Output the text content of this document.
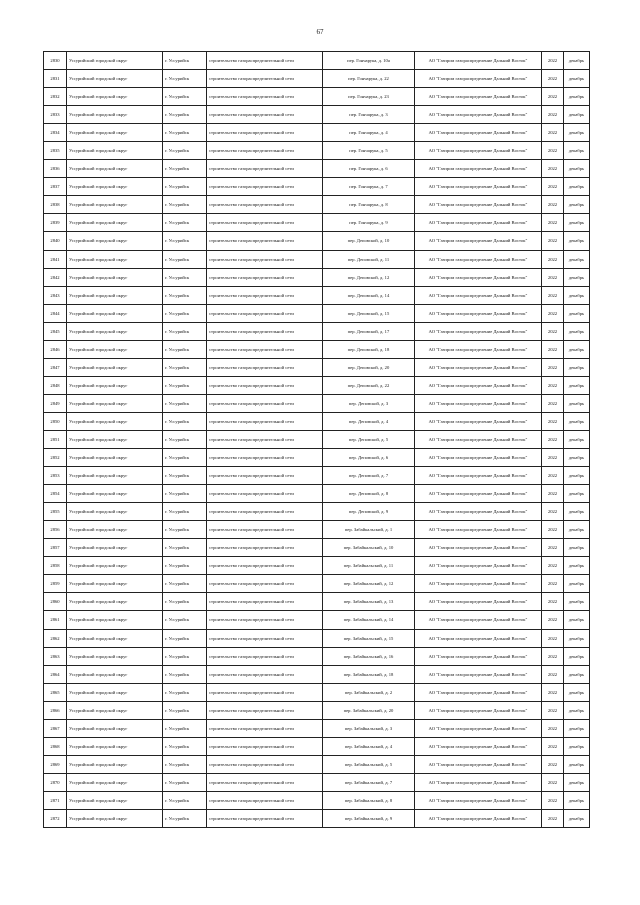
67
2830	Уссурийский городской округ	г. Уссурийск	строительство газораспределительной сети	пер. Гончарука, д. 10а	АО "Газпром газораспределение Дальний Восток"	2022	декабрь
2831	Уссурийский городской округ	г. Уссурийск	строительство газораспределительной сети	пер. Гончарука, д. 22	АО "Газпром газораспределение Дальний Восток"	2022	декабрь
2832	Уссурийский городской округ	г. Уссурийск	строительство газораспределительной сети	пер. Гончарука, д. 23	АО "Газпром газораспределение Дальний Восток"	2022	декабрь
2833	Уссурийский городской округ	г. Уссурийск	строительство газораспределительной сети	пер. Гончарука, д. 3	АО "Газпром газораспределение Дальний Восток"	2022	декабрь
2834	Уссурийский городской округ	г. Уссурийск	строительство газораспределительной сети	пер. Гончарука, д. 4	АО "Газпром газораспределение Дальний Восток"	2022	декабрь
2835	Уссурийский городской округ	г. Уссурийск	строительство газораспределительной сети	пер. Гончарука, д. 5	АО "Газпром газораспределение Дальний Восток"	2022	декабрь
2836	Уссурийский городской округ	г. Уссурийск	строительство газораспределительной сети	пер. Гончарука, д. 6	АО "Газпром газораспределение Дальний Восток"	2022	декабрь
2837	Уссурийский городской округ	г. Уссурийск	строительство газораспределительной сети	пер. Гончарука, д. 7	АО "Газпром газораспределение Дальний Восток"	2022	декабрь
2838	Уссурийский городской округ	г. Уссурийск	строительство газораспределительной сети	пер. Гончарука, д. 8	АО "Газпром газораспределение Дальний Восток"	2022	декабрь
2839	Уссурийский городской округ	г. Уссурийск	строительство газораспределительной сети	пер. Гончарука, д. 9	АО "Газпром газораспределение Дальний Восток"	2022	декабрь
2840	Уссурийский городской округ	г. Уссурийск	строительство газораспределительной сети	пер. Деповской, д. 10	АО "Газпром газораспределение Дальний Восток"	2022	декабрь
2841	Уссурийский городской округ	г. Уссурийск	строительство газораспределительной сети	пер. Деповской, д. 11	АО "Газпром газораспределение Дальний Восток"	2022	декабрь
2842	Уссурийский городской округ	г. Уссурийск	строительство газораспределительной сети	пер. Деповской, д. 12	АО "Газпром газораспределение Дальний Восток"	2022	декабрь
2843	Уссурийский городской округ	г. Уссурийск	строительство газораспределительной сети	пер. Деповской, д. 14	АО "Газпром газораспределение Дальний Восток"	2022	декабрь
2844	Уссурийский городской округ	г. Уссурийск	строительство газораспределительной сети	пер. Деповской, д. 15	АО "Газпром газораспределение Дальний Восток"	2022	декабрь
2845	Уссурийский городской округ	г. Уссурийск	строительство газораспределительной сети	пер. Деповской, д. 17	АО "Газпром газораспределение Дальний Восток"	2022	декабрь
2846	Уссурийский городской округ	г. Уссурийск	строительство газораспределительной сети	пер. Деповской, д. 18	АО "Газпром газораспределение Дальний Восток"	2022	декабрь
2847	Уссурийский городской округ	г. Уссурийск	строительство газораспределительной сети	пер. Деповской, д. 20	АО "Газпром газораспределение Дальний Восток"	2022	декабрь
2848	Уссурийский городской округ	г. Уссурийск	строительство газораспределительной сети	пер. Деповской, д. 22	АО "Газпром газораспределение Дальний Восток"	2022	декабрь
2849	Уссурийский городской округ	г. Уссурийск	строительство газораспределительной сети	пер. Деповской, д. 3	АО "Газпром газораспределение Дальний Восток"	2022	декабрь
2850	Уссурийский городской округ	г. Уссурийск	строительство газораспределительной сети	пер. Деповской, д. 4	АО "Газпром газораспределение Дальний Восток"	2022	декабрь
2851	Уссурийский городской округ	г. Уссурийск	строительство газораспределительной сети	пер. Деповской, д. 5	АО "Газпром газораспределение Дальний Восток"	2022	декабрь
2852	Уссурийский городской округ	г. Уссурийск	строительство газораспределительной сети	пер. Деповской, д. 6	АО "Газпром газораспределение Дальний Восток"	2022	декабрь
2853	Уссурийский городской округ	г. Уссурийск	строительство газораспределительной сети	пер. Деповской, д. 7	АО "Газпром газораспределение Дальний Восток"	2022	декабрь
2854	Уссурийский городской округ	г. Уссурийск	строительство газораспределительной сети	пер. Деповской, д. 8	АО "Газпром газораспределение Дальний Восток"	2022	декабрь
2855	Уссурийский городской округ	г. Уссурийск	строительство газораспределительной сети	пер. Деповской, д. 9	АО "Газпром газораспределение Дальний Восток"	2022	декабрь
2856	Уссурийский городской округ	г. Уссурийск	строительство газораспределительной сети	пер. Забайкальский, д. 1	АО "Газпром газораспределение Дальний Восток"	2022	декабрь
2857	Уссурийский городской округ	г. Уссурийск	строительство газораспределительной сети	пер. Забайкальский, д. 10	АО "Газпром газораспределение Дальний Восток"	2022	декабрь
2858	Уссурийский городской округ	г. Уссурийск	строительство газораспределительной сети	пер. Забайкальский, д. 11	АО "Газпром газораспределение Дальний Восток"	2022	декабрь
2859	Уссурийский городской округ	г. Уссурийск	строительство газораспределительной сети	пер. Забайкальский, д. 12	АО "Газпром газораспределение Дальний Восток"	2022	декабрь
2860	Уссурийский городской округ	г. Уссурийск	строительство газораспределительной сети	пер. Забайкальский, д. 13	АО "Газпром газораспределение Дальний Восток"	2022	декабрь
2861	Уссурийский городской округ	г. Уссурийск	строительство газораспределительной сети	пер. Забайкальский, д. 14	АО "Газпром газораспределение Дальний Восток"	2022	декабрь
2862	Уссурийский городской округ	г. Уссурийск	строительство газораспределительной сети	пер. Забайкальский, д. 15	АО "Газпром газораспределение Дальний Восток"	2022	декабрь
2863	Уссурийский городской округ	г. Уссурийск	строительство газораспределительной сети	пер. Забайкальский, д. 16	АО "Газпром газораспределение Дальний Восток"	2022	декабрь
2864	Уссурийский городской округ	г. Уссурийск	строительство газораспределительной сети	пер. Забайкальский, д. 18	АО "Газпром газораспределение Дальний Восток"	2022	декабрь
2865	Уссурийский городской округ	г. Уссурийск	строительство газораспределительной сети	пер. Забайкальский, д. 2	АО "Газпром газораспределение Дальний Восток"	2022	декабрь
2866	Уссурийский городской округ	г. Уссурийск	строительство газораспределительной сети	пер. Забайкальский, д. 20	АО "Газпром газораспределение Дальний Восток"	2022	декабрь
2867	Уссурийский городской округ	г. Уссурийск	строительство газораспределительной сети	пер. Забайкальский, д. 3	АО "Газпром газораспределение Дальний Восток"	2022	декабрь
2868	Уссурийский городской округ	г. Уссурийск	строительство газораспределительной сети	пер. Забайкальский, д. 4	АО "Газпром газораспределение Дальний Восток"	2022	декабрь
2869	Уссурийский городской округ	г. Уссурийск	строительство газораспределительной сети	пер. Забайкальский, д. 5	АО "Газпром газораспределение Дальний Восток"	2022	декабрь
2870	Уссурийский городской округ	г. Уссурийск	строительство газораспределительной сети	пер. Забайкальский, д. 7	АО "Газпром газораспределение Дальний Восток"	2022	декабрь
2871	Уссурийский городской округ	г. Уссурийск	строительство газораспределительной сети	пер. Забайкальский, д. 8	АО "Газпром газораспределение Дальний Восток"	2022	декабрь
2872	Уссурийский городской округ	г. Уссурийск	строительство газораспределительной сети	пер. Забайкальский, д. 9	АО "Газпром газораспределение Дальний Восток"	2022	декабрь
